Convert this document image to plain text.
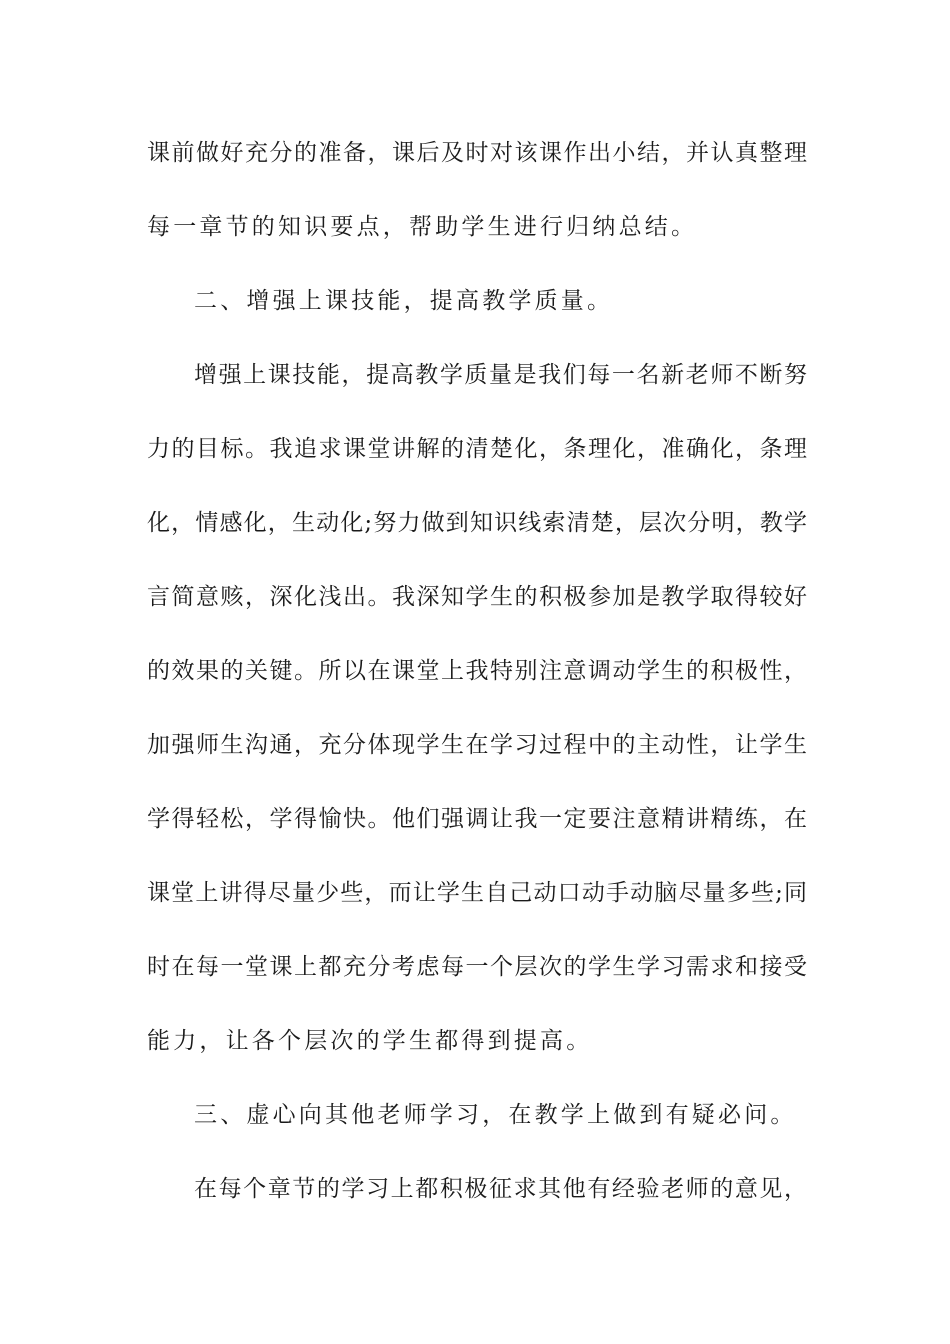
课前做好充分的准备，课后及时对该课作出小结，并认真整理
每一章节的知识要点，帮助学生进行归纳总结。
二、增强上课技能，提高教学质量。
增强上课技能，提高教学质量是我们每一名新老师不断努
力的目标。我追求课堂讲解的清楚化，条理化，准确化，条理
化，情感化，生动化;努力做到知识线索清楚，层次分明，教学
言简意赅，深化浅出。我深知学生的积极参加是教学取得较好
的效果的关键。所以在课堂上我特别注意调动学生的积极性，
加强师生沟通，充分体现学生在学习过程中的主动性，让学生
学得轻松，学得愉快。他们强调让我一定要注意精讲精练，在
课堂上讲得尽量少些，而让学生自己动口动手动脑尽量多些;同
时在每一堂课上都充分考虑每一个层次的学生学习需求和接受
能力，让各个层次的学生都得到提高。
三、虚心向其他老师学习，在教学上做到有疑必问。
在每个章节的学习上都积极征求其他有经验老师的意见，
